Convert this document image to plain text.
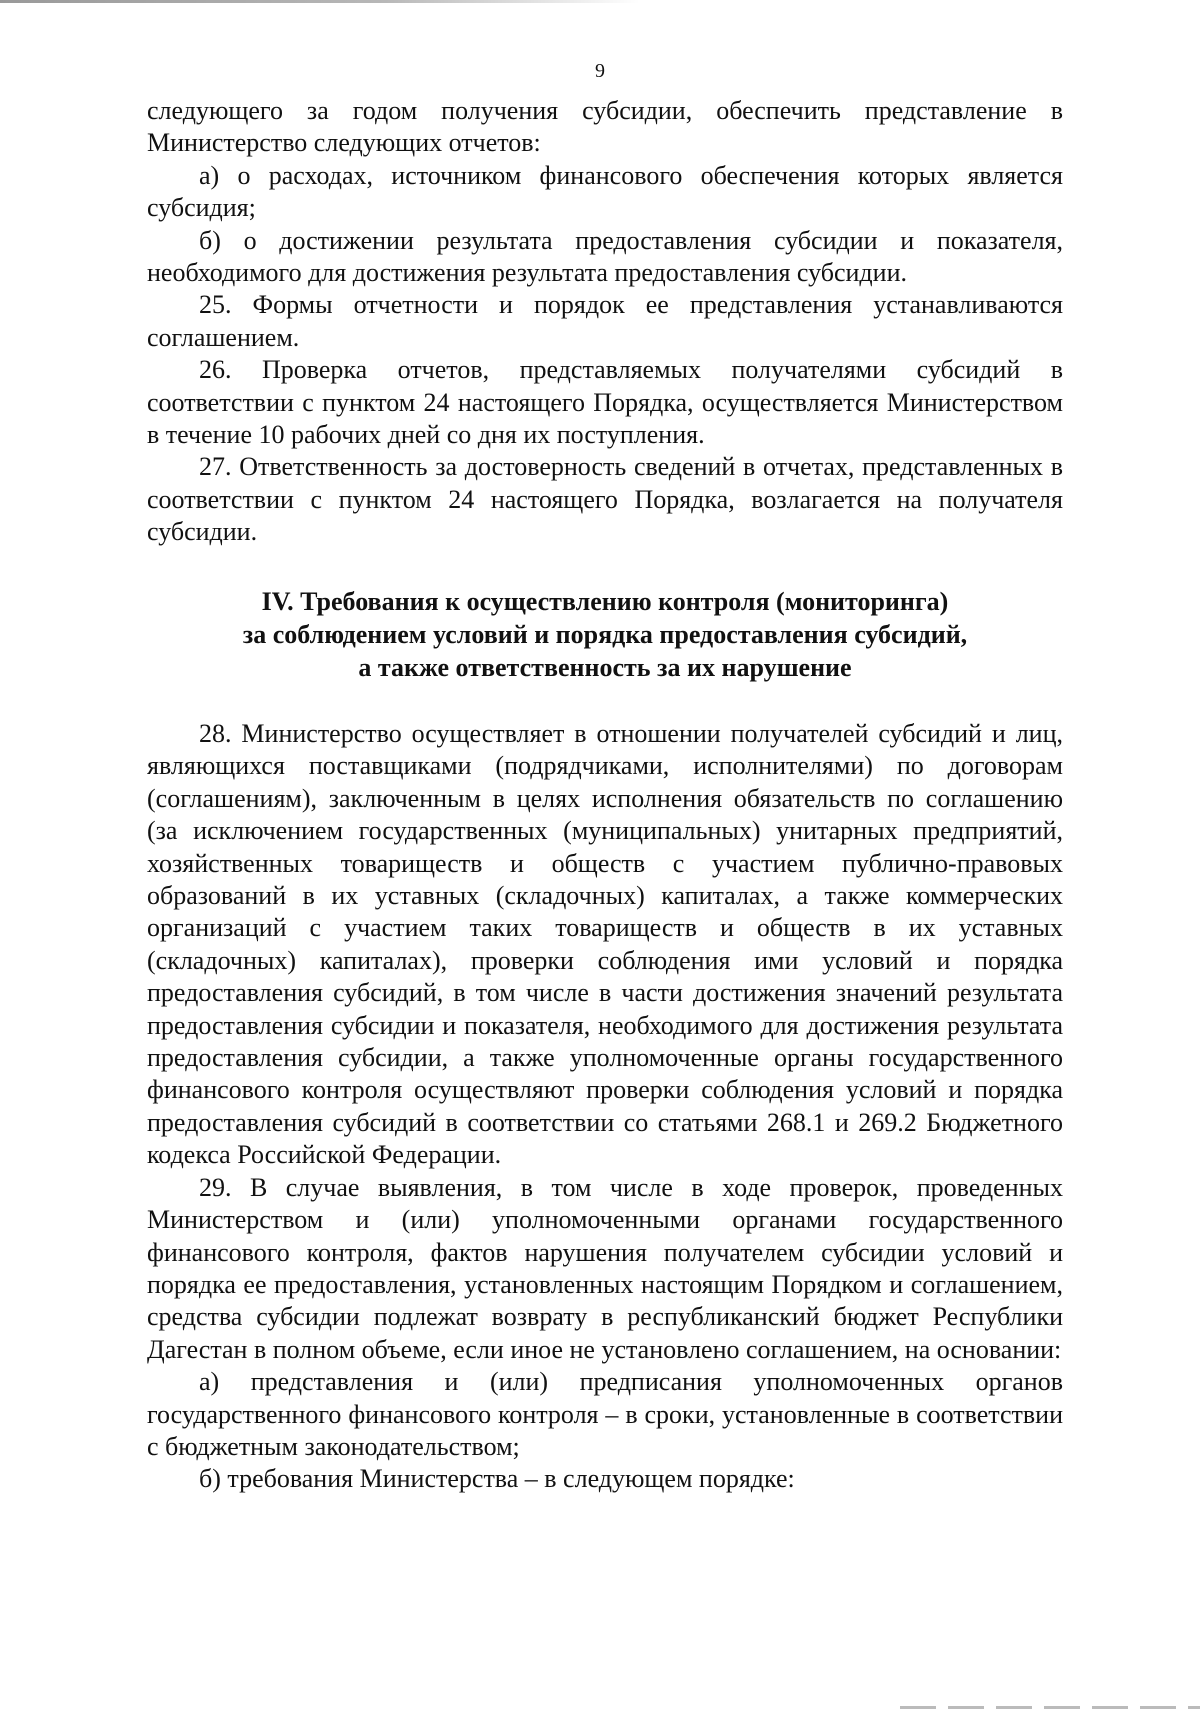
9

следующего за годом получения субсидии, обеспечить представление в Министерство следующих отчетов:

а) о расходах, источником финансового обеспечения которых является субсидия;

б) о достижении результата предоставления субсидии и показателя, необходимого для достижения результата предоставления субсидии.

25. Формы отчетности и порядок ее представления устанавливаются соглашением.

26. Проверка отчетов, представляемых получателями субсидий в соответствии с пунктом 24 настоящего Порядка, осуществляется Министерством в течение 10 рабочих дней со дня их поступления.

27. Ответственность за достоверность сведений в отчетах, представленных в соответствии с пунктом 24 настоящего Порядка, возлагается на получателя субсидии.

IV. Требования к осуществлению контроля (мониторинга)
за соблюдением условий и порядка предоставления субсидий,
а также ответственность за их нарушение

28. Министерство осуществляет в отношении получателей субсидий и лиц, являющихся поставщиками (подрядчиками, исполнителями) по договорам (соглашениям), заключенным в целях исполнения обязательств по соглашению (за исключением государственных (муниципальных) унитарных предприятий, хозяйственных товариществ и обществ с участием публично-правовых образований в их уставных (складочных) капиталах, а также коммерческих организаций с участием таких товариществ и обществ в их уставных (складочных) капиталах), проверки соблюдения ими условий и порядка предоставления субсидий, в том числе в части достижения значений результата предоставления субсидии и показателя, необходимого для достижения результата предоставления субсидии, а также уполномоченные органы государственного финансового контроля осуществляют проверки соблюдения условий и порядка предоставления субсидий в соответствии со статьями 268.1 и 269.2 Бюджетного кодекса Российской Федерации.

29. В случае выявления, в том числе в ходе проверок, проведенных Министерством и (или) уполномоченными органами государственного финансового контроля, фактов нарушения получателем субсидии условий и порядка ее предоставления, установленных настоящим Порядком и соглашением, средства субсидии подлежат возврату в республиканский бюджет Республики Дагестан в полном объеме, если иное не установлено соглашением, на основании:

а) представления и (или) предписания уполномоченных органов государственного финансового контроля – в сроки, установленные в соответствии с бюджетным законодательством;

б) требования Министерства – в следующем порядке:
